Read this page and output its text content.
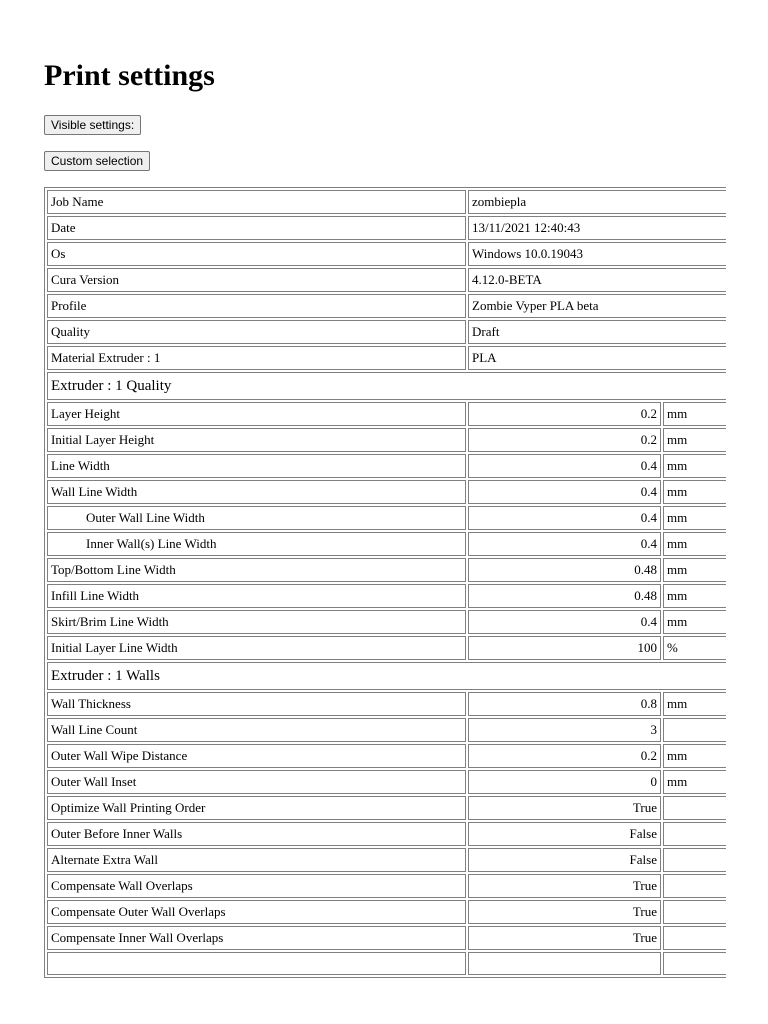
Print settings
Visible settings:
Custom selection
Job Name	zombiepla	
Date	13/11/2021 12:40:43	
Os	Windows 10.0.19043	
Cura Version	4.12.0-BETA	
Profile	Zombie Vyper PLA beta	
Quality	Draft	
Material Extruder : 1	PLA	
Extruder : 1 Quality		
Layer Height	0.2	mm
Initial Layer Height	0.2	mm
Line Width	0.4	mm
Wall Line Width	0.4	mm
Outer Wall Line Width	0.4	mm
Inner Wall(s) Line Width	0.4	mm
Top/Bottom Line Width	0.48	mm
Infill Line Width	0.48	mm
Skirt/Brim Line Width	0.4	mm
Initial Layer Line Width	100	%
Extruder : 1 Walls		
Wall Thickness	0.8	mm
Wall Line Count	3	
Outer Wall Wipe Distance	0.2	mm
Outer Wall Inset	0	mm
Optimize Wall Printing Order	True	
Outer Before Inner Walls	False	
Alternate Extra Wall	False	
Compensate Wall Overlaps	True	
Compensate Outer Wall Overlaps	True	
Compensate Inner Wall Overlaps	True	
